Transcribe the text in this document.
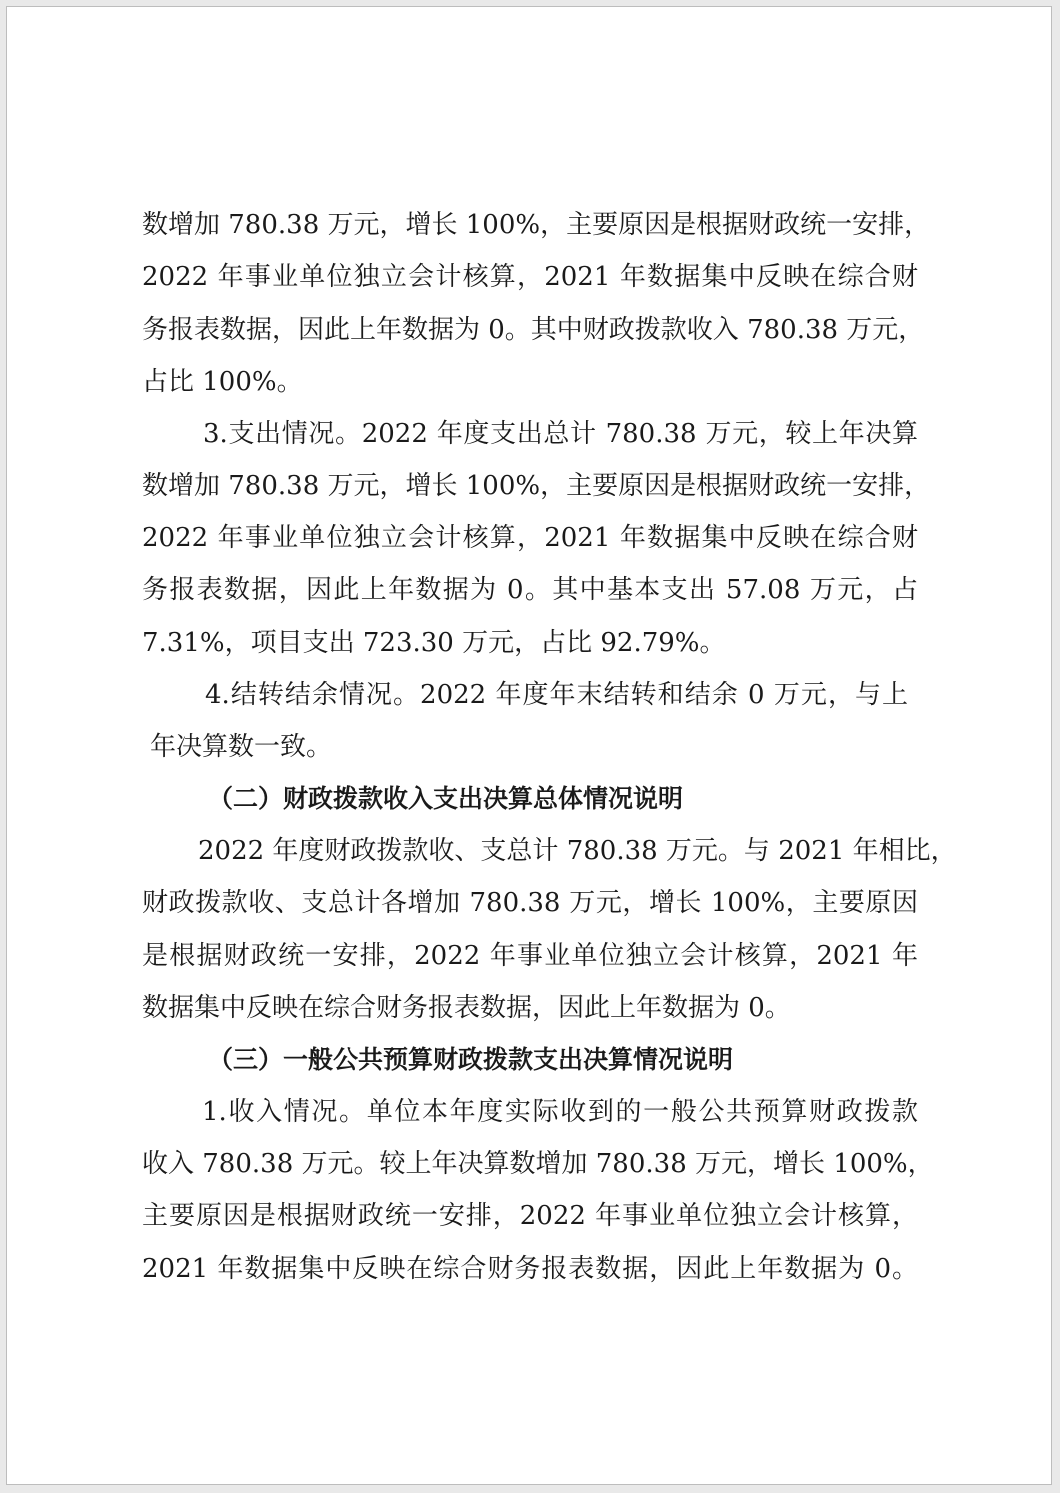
数增加 780.38 万元，增长 100%，主要原因是根据财政统一安排，
2022 年事业单位独立会计核算，2021 年数据集中反映在综合财
务报表数据，因此上年数据为 0。其中财政拨款收入 780.38 万元，
占比 100%。
3.支出情况。2022 年度支出总计 780.38 万元，较上年决算
数增加 780.38 万元，增长 100%，主要原因是根据财政统一安排，
2022 年事业单位独立会计核算，2021 年数据集中反映在综合财
务报表数据，因此上年数据为 0。其中基本支出 57.08 万元，占
7.31%，项目支出 723.30 万元，占比 92.79%。
4.结转结余情况。2022 年度年末结转和结余 0 万元，与上
年决算数一致。
（二）财政拨款收入支出决算总体情况说明
2022 年度财政拨款收、支总计 780.38 万元。与 2021 年相比，
财政拨款收、支总计各增加 780.38 万元，增长 100%，主要原因
是根据财政统一安排，2022 年事业单位独立会计核算，2021 年
数据集中反映在综合财务报表数据，因此上年数据为 0。
（三）一般公共预算财政拨款支出决算情况说明
1.收入情况。单位本年度实际收到的一般公共预算财政拨款
收入 780.38 万元。较上年决算数增加 780.38 万元，增长 100%，
主要原因是根据财政统一安排，2022 年事业单位独立会计核算，
2021 年数据集中反映在综合财务报表数据，因此上年数据为 0。
